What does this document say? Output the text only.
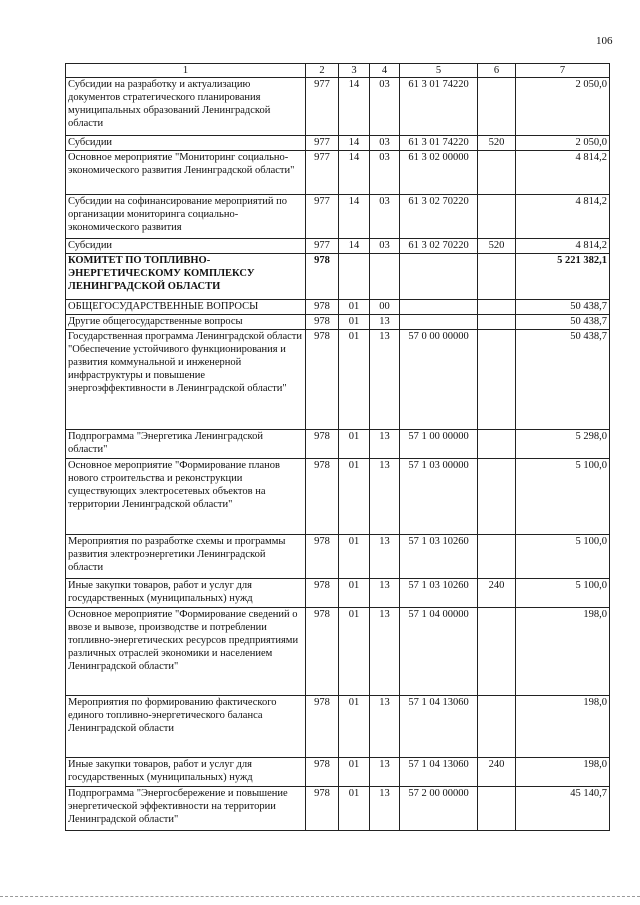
106
1	2	3	4	5	6	7
Субсидии на разработку и актуализацию документов стратегического планирования муниципальных образований Ленинградской области	977	14	03	61 3 01 74220		2 050,0
Субсидии	977	14	03	61 3 01 74220	520	2 050,0
Основное мероприятие "Мониторинг социально-экономического развития Ленинградской области"	977	14	03	61 3 02 00000		4 814,2
Субсидии на софинансирование мероприятий по организации мониторинга социально-экономического развития	977	14	03	61 3 02 70220		4 814,2
Субсидии	977	14	03	61 3 02 70220	520	4 814,2
КОМИТЕТ ПО ТОПЛИВНО-ЭНЕРГЕТИЧЕСКОМУ КОМПЛЕКСУ ЛЕНИНГРАДСКОЙ ОБЛАСТИ	978					5 221 382,1
ОБЩЕГОСУДАРСТВЕННЫЕ ВОПРОСЫ	978	01	00			50 438,7
Другие общегосударственные вопросы	978	01	13			50 438,7
Государственная программа Ленинградской области "Обеспечение устойчивого функционирования и развития коммунальной и инженерной инфраструктуры и повышение энергоэффективности в Ленинградской области"	978	01	13	57 0 00 00000		50 438,7
Подпрограмма "Энергетика Ленинградской области"	978	01	13	57 1 00 00000		5 298,0
Основное мероприятие "Формирование планов нового строительства и реконструкции существующих электросетевых объектов на территории Ленинградской области"	978	01	13	57 1 03 00000		5 100,0
Мероприятия по разработке схемы и программы развития электроэнергетики Ленинградской области	978	01	13	57 1 03 10260		5 100,0
Иные закупки товаров, работ и услуг для государственных (муниципальных) нужд	978	01	13	57 1 03 10260	240	5 100,0
Основное мероприятие "Формирование сведений о ввозе и вывозе, производстве и потреблении топливно-энергетических ресурсов предприятиями различных отраслей экономики и населением Ленинградской области"	978	01	13	57 1 04 00000		198,0
Мероприятия по формированию фактического единого топливно-энергетического баланса Ленинградской области	978	01	13	57 1 04 13060		198,0
Иные закупки товаров, работ и услуг для государственных (муниципальных) нужд	978	01	13	57 1 04 13060	240	198,0
Подпрограмма "Энергосбережение и повышение энергетической эффективности на территории Ленинградской области"	978	01	13	57 2 00 00000		45 140,7
